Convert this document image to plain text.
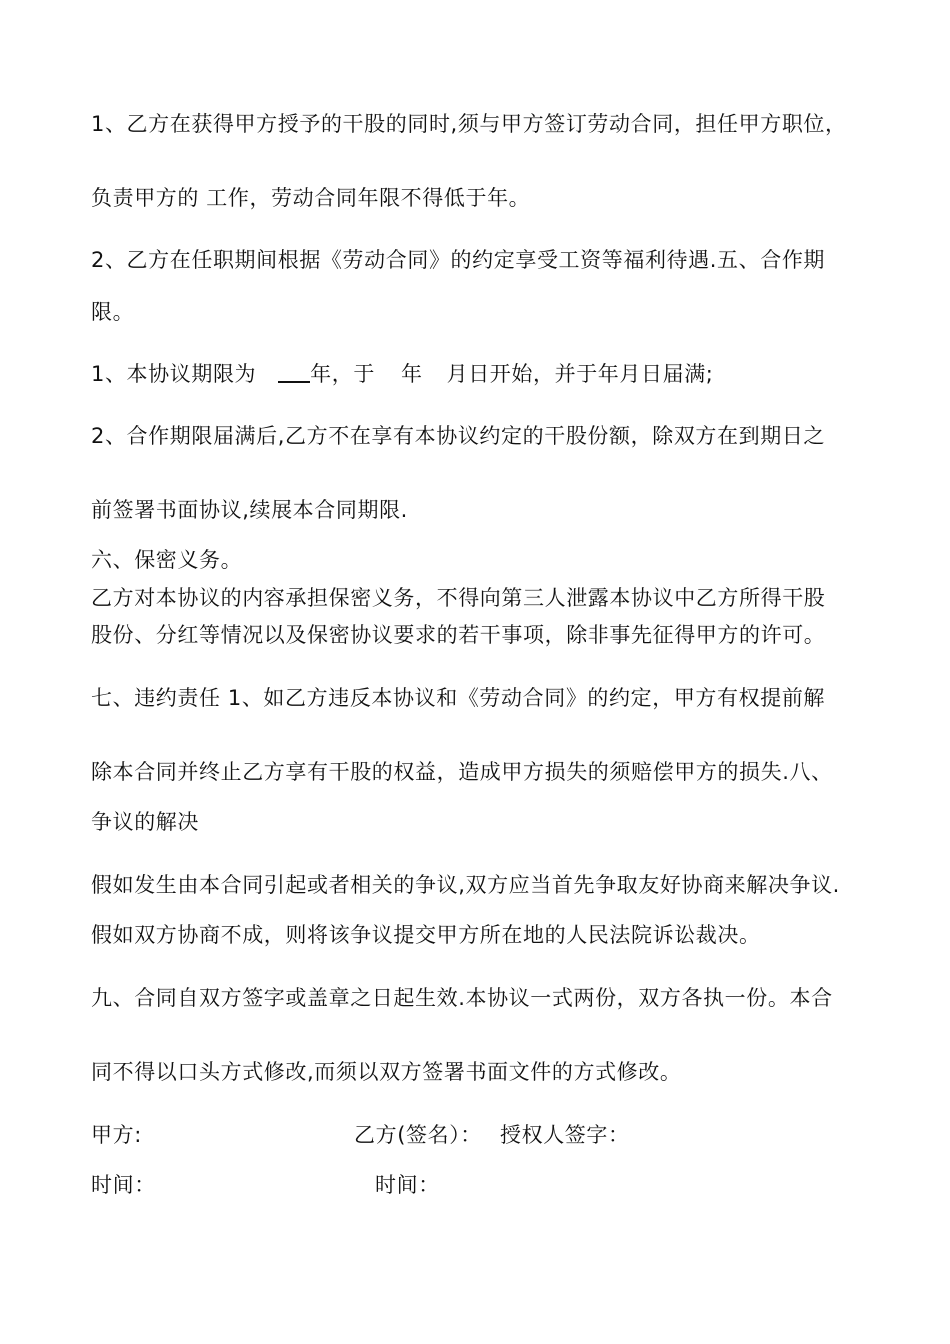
1、乙方在获得甲方授予的干股的同时,须与甲方签订劳动合同，担任甲方职位，
负责甲方的 工作，劳动合同年限不得低于年。
2、乙方在任职期间根据《劳动合同》的约定享受工资等福利待遇.五、合作期
限。
1、本协议期限为	年，于 年 月日开始，并于年月日届满;
2、合作期限届满后,乙方不在享有本协议约定的干股份额，除双方在到期日之
前签署书面协议,续展本合同期限.
六、保密义务。
乙方对本协议的内容承担保密义务，不得向第三人泄露本协议中乙方所得干股
股份、分红等情况以及保密协议要求的若干事项，除非事先征得甲方的许可。
七、违约责任 1、如乙方违反本协议和《劳动合同》的约定，甲方有权提前解
除本合同并终止乙方享有干股的权益，造成甲方损失的须赔偿甲方的损失.八、
争议的解决
假如发生由本合同引起或者相关的争议,双方应当首先争取友好协商来解决争议.
假如双方协商不成，则将该争议提交甲方所在地的人民法院诉讼裁决。
九、合同自双方签字或盖章之日起生效.本协议一式两份，双方各执一份。本合
同不得以口头方式修改,而须以双方签署书面文件的方式修改。
甲方:	乙方(签名）： 授权人签字：
时间：	时间：
